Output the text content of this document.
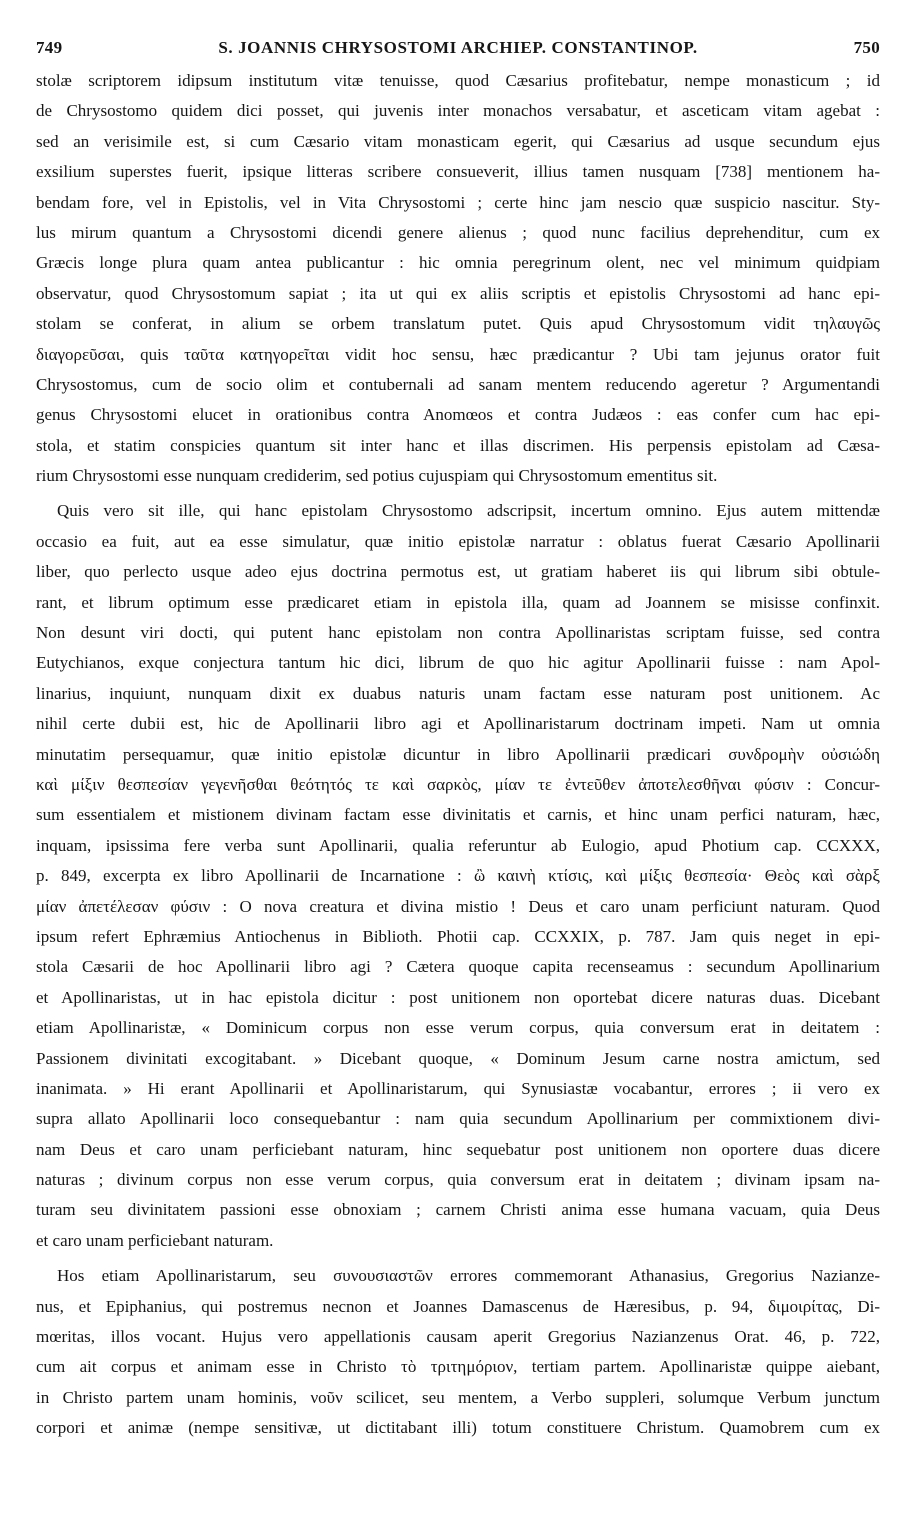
749	S. JOANNIS CHRYSOSTOMI ARCHIEP. CONSTANTINOP.	750
stolæ scriptorem idipsum institutum vitæ tenuisse, quod Cæsarius profitebatur, nempe monasticum ; id
de Chrysostomo quidem dici posset, qui juvenis inter monachos versabatur, et asceticam vitam agebat :
sed an verisimile est, si cum Cæsario vitam monasticam egerit, qui Cæsarius ad usque secundum ejus
exsilium superstes fuerit, ipsique litteras scribere consueverit, illius tamen nusquam [738] mentionem ha-
bendam fore, vel in Epistolis, vel in Vita Chrysostomi ; certe hinc jam nescio quæ suspicio nascitur. Sty-
lus mirum quantum a Chrysostomi dicendi genere alienus ; quod nunc facilius deprehenditur, cum ex
Græcis longe plura quam antea publicantur : hic omnia peregrinum olent, nec vel minimum quidpiam
observatur, quod Chrysostomum sapiat ; ita ut qui ex aliis scriptis et epistolis Chrysostomi ad hanc epi-
stolam se conferat, in alium se orbem translatum putet. Quis apud Chrysostomum vidit τηλαυγῶς
διαγορεῦσαι, quis ταῦτα κατηγορεῖται vidit hoc sensu, hæc prædicantur ? Ubi tam jejunus orator fuit
Chrysostomus, cum de socio olim et contubernali ad sanam mentem reducendo ageretur ? Argumentandi
genus Chrysostomi elucet in orationibus contra Anomœos et contra Judæos : eas confer cum hac epi-
stola, et statim conspicies quantum sit inter hanc et illas discrimen. His perpensis epistolam ad Cæsa-
rium Chrysostomi esse nunquam crediderim, sed potius cujuspiam qui Chrysostomum ementitus sit.
Quis vero sit ille, qui hanc epistolam Chrysostomo adscripsit, incertum omnino. Ejus autem mittendæ
occasio ea fuit, aut ea esse simulatur, quæ initio epistolæ narratur : oblatus fuerat Cæsario Apollinarii
liber, quo perlecto usque adeo ejus doctrina permotus est, ut gratiam haberet iis qui librum sibi obtule-
rant, et librum optimum esse prædicaret etiam in epistola illa, quam ad Joannem se misisse confinxit.
Non desunt viri docti, qui putent hanc epistolam non contra Apollinaristas scriptam fuisse, sed contra
Eutychianos, exque conjectura tantum hic dici, librum de quo hic agitur Apollinarii fuisse : nam Apol-
linarius, inquiunt, nunquam dixit ex duabus naturis unam factam esse naturam post unitionem. Ac
nihil certe dubii est, hic de Apollinarii libro agi et Apollinaristarum doctrinam impeti. Nam ut omnia
minutatim persequamur, quæ initio epistolæ dicuntur in libro Apollinarii prædicari συνδρομὴν οὐσιώδη
καὶ μίξιν θεσπεσίαν γεγενῆσθαι θεότητός τε καὶ σαρκὸς, μίαν τε ἐντεῦθεν ἀποτελεσθῆναι φύσιν : Concur-
sum essentialem et mistionem divinam factam esse divinitatis et carnis, et hinc unam perfici naturam, hæc,
inquam, ipsissima fere verba sunt Apollinarii, qualia referuntur ab Eulogio, apud Photium cap. CCXXX,
p. 849, excerpta ex libro Apollinarii de Incarnatione : ὢ καινὴ κτίσις, καὶ μίξις θεσπεσία· Θεὸς καὶ σὰρξ
μίαν ἀπετέλεσαν φύσιν : O nova creatura et divina mistio ! Deus et caro unam perficiunt naturam. Quod
ipsum refert Ephræmius Antiochenus in Biblioth. Photii cap. CCXXIX, p. 787. Jam quis neget in epi-
stola Cæsarii de hoc Apollinarii libro agi ? Cætera quoque capita recenseamus : secundum Apollinarium
et Apollinaristas, ut in hac epistola dicitur : post unitionem non oportebat dicere naturas duas. Dicebant
etiam Apollinaristæ, « Dominicum corpus non esse verum corpus, quia conversum erat in deitatem :
Passionem divinitati excogitabant. » Dicebant quoque, « Dominum Jesum carne nostra amictum, sed
inanimata. » Hi erant Apollinarii et Apollinaristarum, qui Synusiastæ vocabantur, errores ; ii vero ex
supra allato Apollinarii loco consequebantur : nam quia secundum Apollinarium per commixtionem divi-
nam Deus et caro unam perficiebant naturam, hinc sequebatur post unitionem non oportere duas dicere
naturas ; divinum corpus non esse verum corpus, quia conversum erat in deitatem ; divinam ipsam na-
turam seu divinitatem passioni esse obnoxiam ; carnem Christi anima esse humana vacuam, quia Deus
et caro unam perficiebant naturam.
Hos etiam Apollinaristarum, seu συνουσιαστῶν errores commemorant Athanasius, Gregorius Nazianze-
nus, et Epiphanius, qui postremus necnon et Joannes Damascenus de Hæresibus, p. 94, διμοιρίτας, Di-
mœritas, illos vocant. Hujus vero appellationis causam aperit Gregorius Nazianzenus Orat. 46, p. 722,
cum ait corpus et animam esse in Christo τὸ τριτημόριον, tertiam partem. Apollinaristæ quippe aiebant,
in Christo partem unam hominis, νοῦν scilicet, seu mentem, a Verbo suppleri, solumque Verbum junctum
corpori et animæ (nempe sensitivæ, ut dictitabant illi) totum constituere Christum. Quamobrem cum ex
